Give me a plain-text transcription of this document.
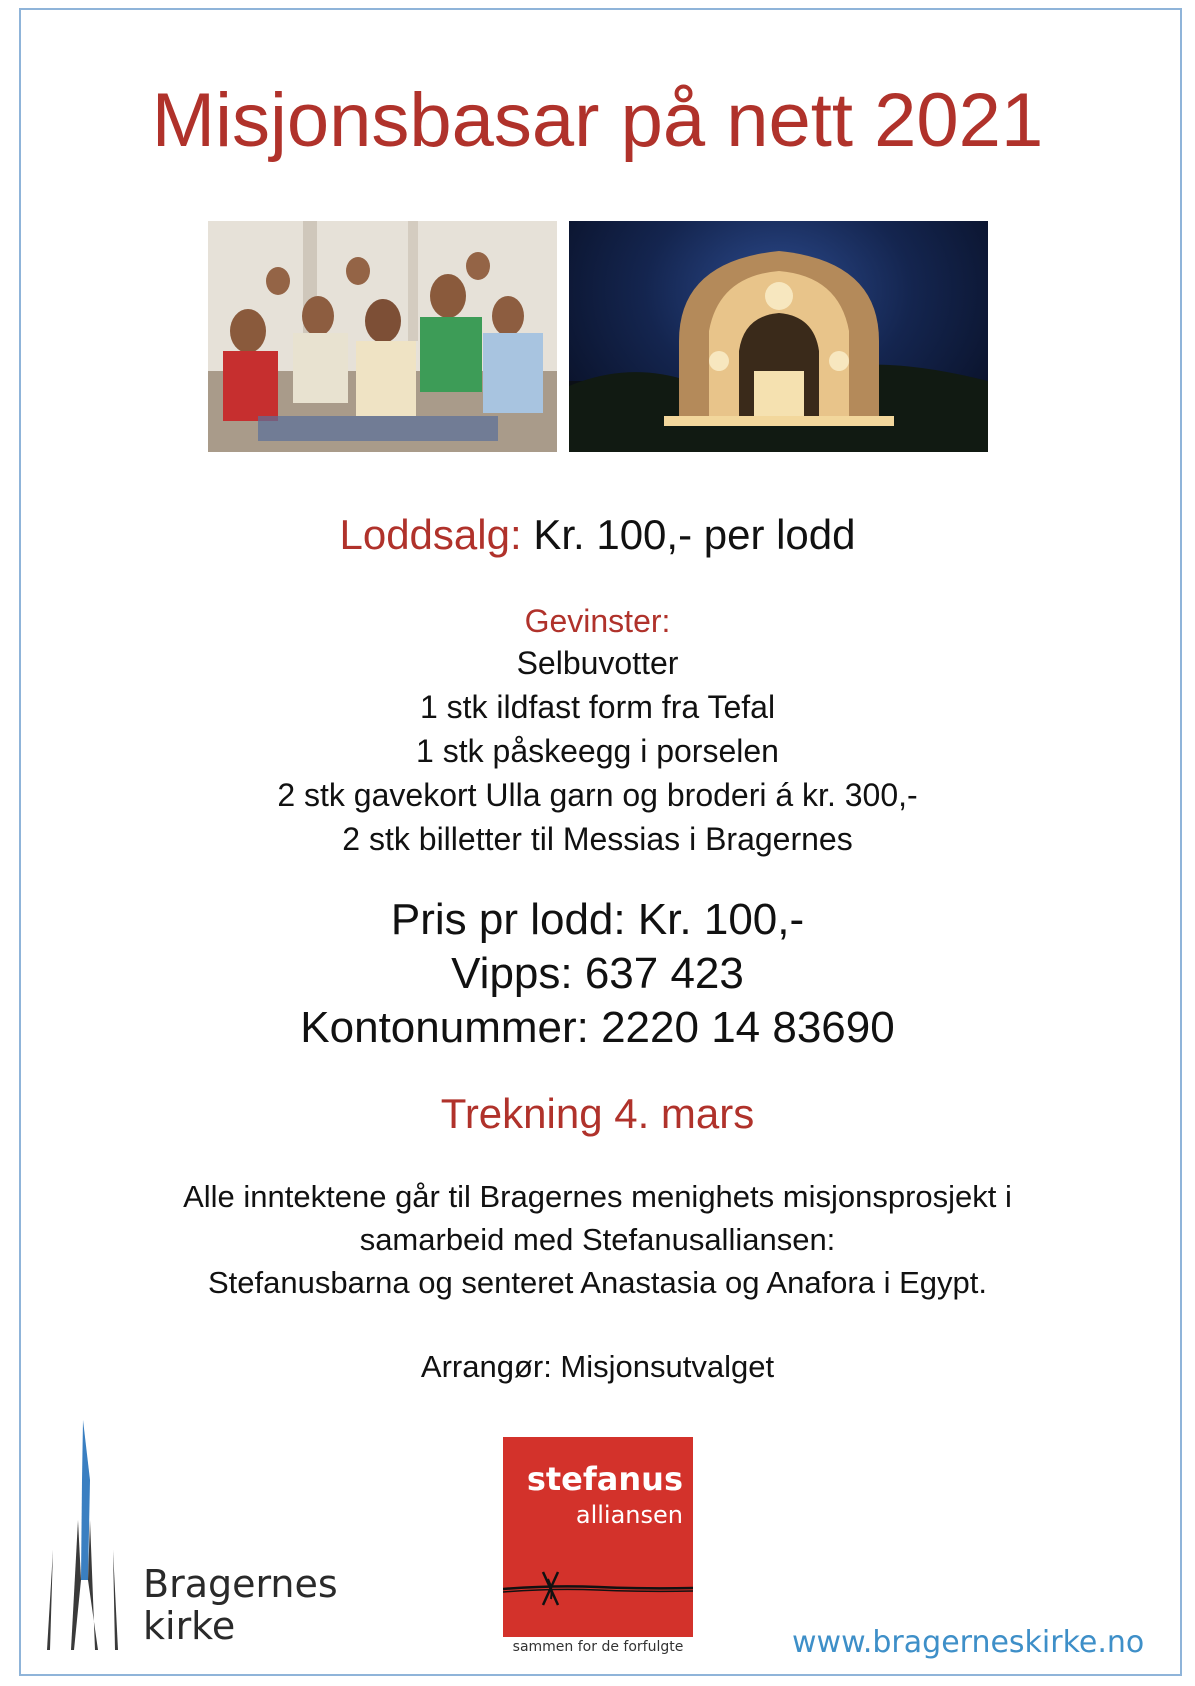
Misjonsbasar på nett 2021
Loddsalg: Kr. 100,- per lodd
Gevinster:
Selbuvotter
1 stk ildfast form fra Tefal
1 stk påskeegg i porselen
2 stk gavekort Ulla garn og broderi á kr. 300,-
2 stk billetter til Messias i Bragernes
Pris pr lodd: Kr. 100,-
Vipps: 637 423
Kontonummer: 2220 14 83690
Trekning 4. mars
Alle inntektene går til Bragernes menighets misjonsprosjekt i
samarbeid med Stefanusalliansen:
Stefanusbarna og senteret Anastasia og Anafora i Egypt.
Arrangør: Misjonsutvalget
Bragernes
kirke
stefanus
alliansen
sammen for de forfulgte	www.bragerneskirke.no
